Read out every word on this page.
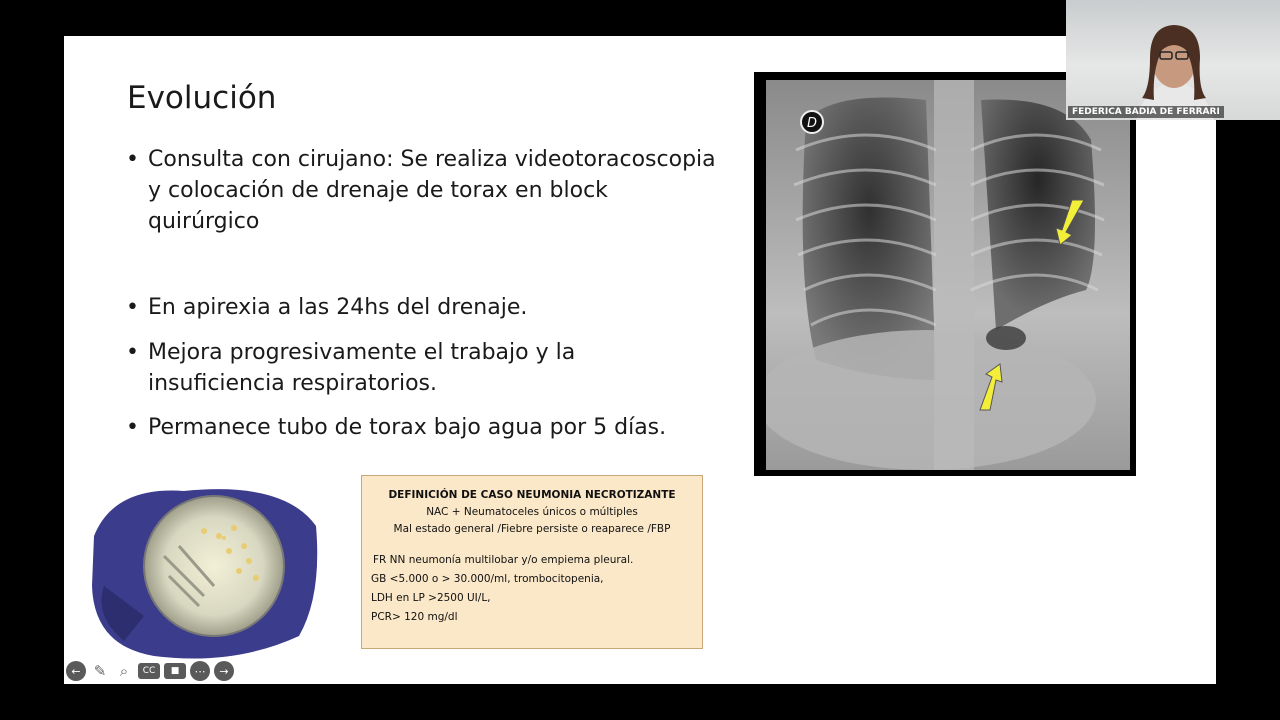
Evolución
• Consulta con cirujano: Se realiza videotoracoscopia y colocación de drenaje de torax en block quirúrgico
• En apirexia a las 24hs del drenaje.
• Mejora progresivamente el trabajo y la insuficiencia respiratorios.
• Permanece tubo de torax bajo agua por 5 días.
D
DEFINICIÓN DE CASO NEUMONIA NECROTIZANTE
NAC + Neumatoceles únicos o múltiples
Mal estado general /Fiebre persiste o reaparece /FBP
FR NN neumonía multilobar y/o empiema pleural.
GB <5.000 o > 30.000/ml, trombocitopenia,
LDH en LP >2500 UI/L,
PCR> 120 mg/dl
← ✎ ⌕	CC	■	⋯	→
FEDERICA BADIA DE FERRARI
zoom
